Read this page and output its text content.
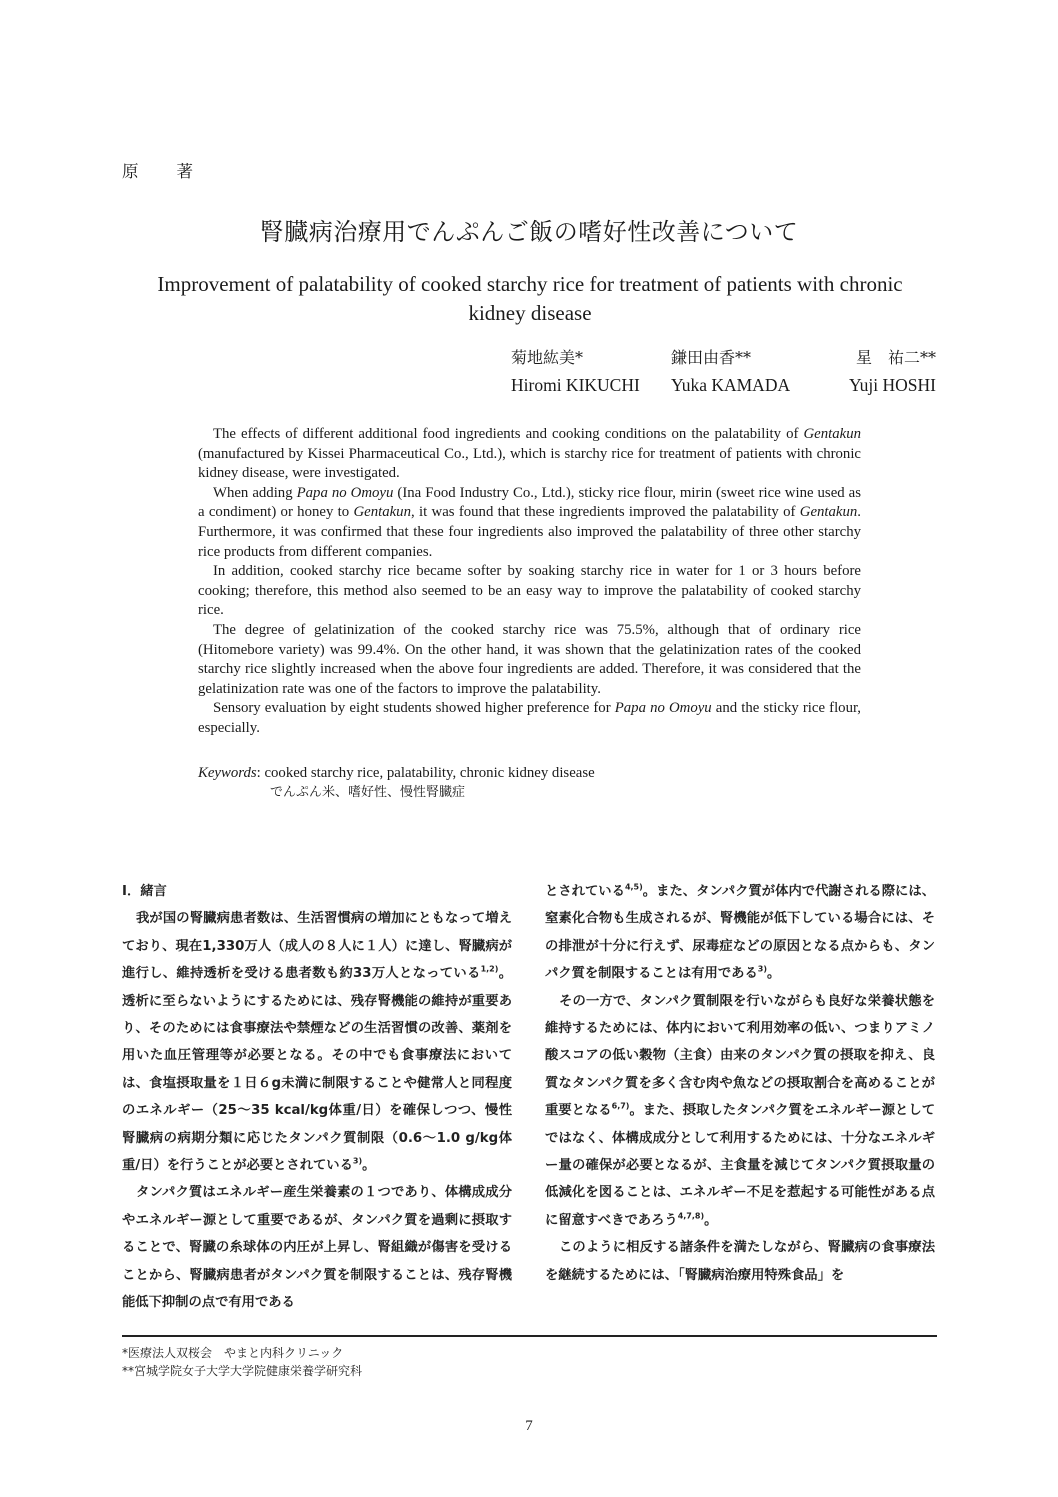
原著
腎臓病治療用でんぷんご飯の嗜好性改善について
Improvement of palatability of cooked starchy rice for treatment of patients with chronic kidney disease
菊地紘美*	鎌田由香**	星　祐二**
Hiromi KIKUCHI	Yuka KAMADA	Yuji HOSHI

The effects of different additional food ingredients and cooking conditions on the palatability of Gentakun (manufactured by Kissei Pharmaceutical Co., Ltd.), which is starchy rice for treatment of patients with chronic kidney disease, were investigated.

When adding Papa no Omoyu (Ina Food Industry Co., Ltd.), sticky rice flour, mirin (sweet rice wine used as a condiment) or honey to Gentakun, it was found that these ingredients improved the palatability of Gentakun. Furthermore, it was confirmed that these four ingredients also improved the palatability of three other starchy rice products from different companies.

In addition, cooked starchy rice became softer by soaking starchy rice in water for 1 or 3 hours before cooking; therefore, this method also seemed to be an easy way to improve the palatability of cooked starchy rice.

The degree of gelatinization of the cooked starchy rice was 75.5%, although that of ordinary rice (Hitomebore variety) was 99.4%. On the other hand, it was shown that the gelatinization rates of the cooked starchy rice slightly increased when the above four ingredients are added. Therefore, it was considered that the gelatinization rate was one of the factors to improve the palatability.

Sensory evaluation by eight students showed higher preference for Papa no Omoyu and the sticky rice flour, especially.

Keywords: cooked starchy rice, palatability, chronic kidney disease
でんぷん米、嗜好性、慢性腎臓症

Ⅰ．緒言

我が国の腎臓病患者数は、生活習慣病の増加にともなって増えており、現在1,330万人（成人の８人に１人）に達し、腎臓病が進行し、維持透析を受ける患者数も約33万人となっている$^{1,2)}$。透析に至らないようにするためには、残存腎機能の維持が重要あり、そのためには食事療法や禁煙などの生活習慣の改善、薬剤を用いた血圧管理等が必要となる。その中でも食事療法においては、食塩摂取量を１日６g未満に制限することや健常人と同程度のエネルギー（25～35 kcal/kg体重/日）を確保しつつ、慢性腎臓病の病期分類に応じたタンパク質制限（0.6～1.0 g/kg体重/日）を行うことが必要とされている$^{3)}$。

タンパク質はエネルギー産生栄養素の１つであり、体構成成分やエネルギー源として重要であるが、タンパク質を過剰に摂取することで、腎臓の糸球体の内圧が上昇し、腎組織が傷害を受けることから、腎臓病患者がタンパク質を制限することは、残存腎機能低下抑制の点で有用である

とされている$^{4,5)}$。また、タンパク質が体内で代謝される際には、窒素化合物も生成されるが、腎機能が低下している場合には、その排泄が十分に行えず、尿毒症などの原因となる点からも、タンパク質を制限することは有用である$^{3)}$。

その一方で、タンパク質制限を行いながらも良好な栄養状態を維持するためには、体内において利用効率の低い、つまりアミノ酸スコアの低い穀物（主食）由来のタンパク質の摂取を抑え、良質なタンパク質を多く含む肉や魚などの摂取割合を高めることが重要となる$^{6,7)}$。また、摂取したタンパク質をエネルギー源としてではなく、体構成成分として利用するためには、十分なエネルギー量の確保が必要となるが、主食量を減じてタンパク質摂取量の低減化を図ることは、エネルギー不足を惹起する可能性がある点に留意すべきであろう$^{4,7,8)}$。

このように相反する諸条件を満たしながら、腎臓病の食事療法を継続するためには、「腎臓病治療用特殊食品」を

*医療法人双桜会　やまと内科クリニック
**宮城学院女子大学大学院健康栄養学研究科
7
